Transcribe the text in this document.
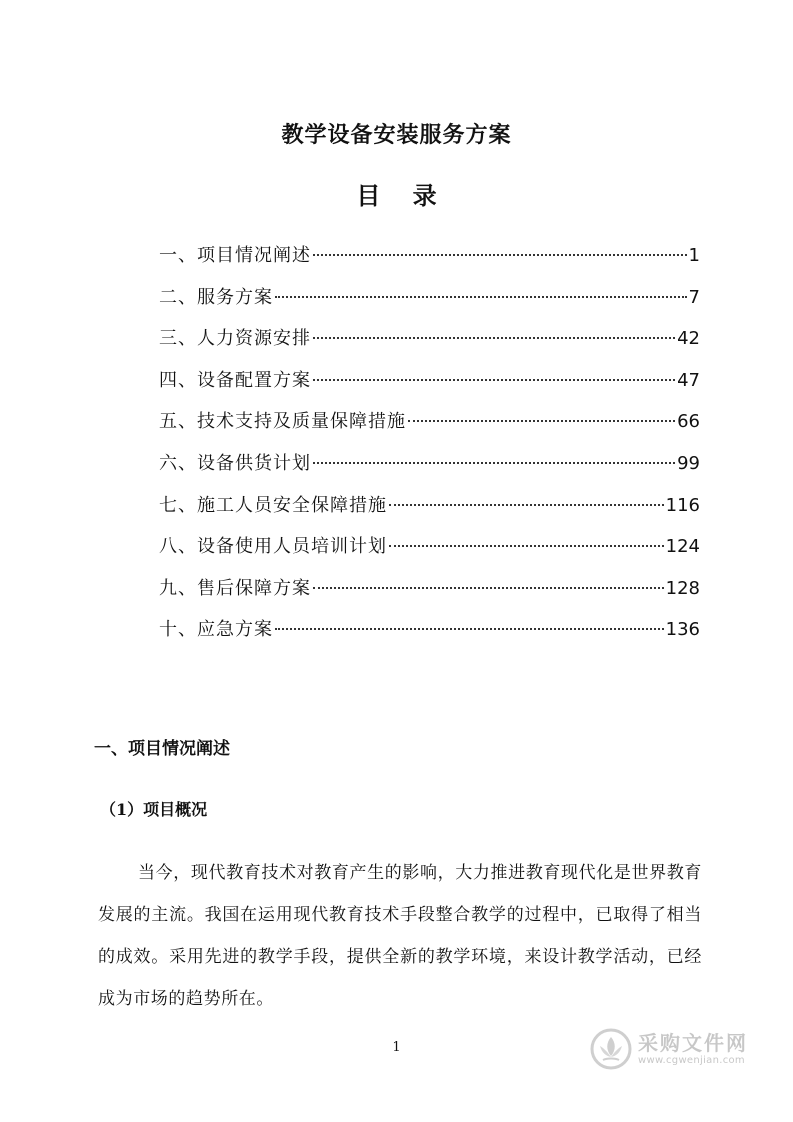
教学设备安装服务方案
目 录
一、项目情况阐述	1
二、服务方案	7
三、人力资源安排	42
四、设备配置方案	47
五、技术支持及质量保障措施	66
六、设备供货计划	99
七、施工人员安全保障措施	116
八、设备使用人员培训计划	124
九、售后保障方案	128
十、应急方案	136
一、项目情况阐述
（1）项目概况

当今，现代教育技术对教育产生的影响，大力推进教育现代化是世界教育发展的主流。我国在运用现代教育技术手段整合教学的过程中，已取得了相当的成效。采用先进的教学手段，提供全新的教学环境，来设计教学活动，已经成为市场的趋势所在。

1	采购文件网
www.cgwenjian.com
